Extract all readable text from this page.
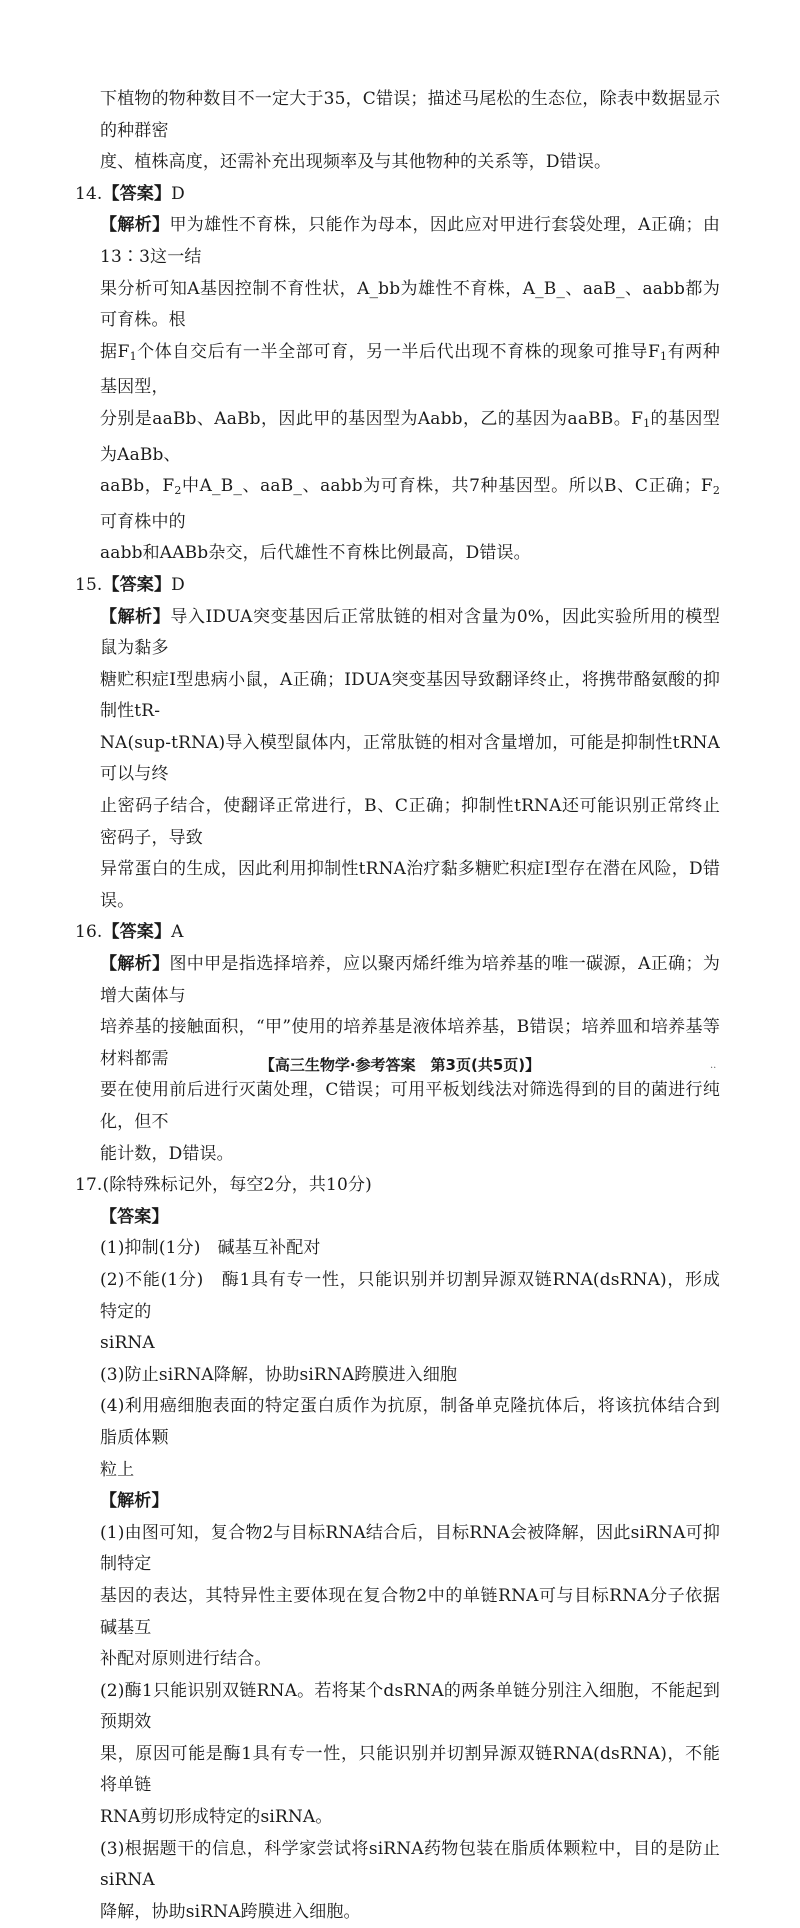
下植物的物种数目不一定大于35，C错误；描述马尾松的生态位，除表中数据显示的种群密

度、植株高度，还需补充出现频率及与其他物种的关系等，D错误。

14.【答案】D

【解析】甲为雄性不育株，只能作为母本，因此应对甲进行套袋处理，A正确；由13∶3这一结

果分析可知A基因控制不育性状，A_bb为雄性不育株，A_B_、aaB_、aabb都为可育株。根

据$F_1$个体自交后有一半全部可育，另一半后代出现不育株的现象可推导$F_1$有两种基因型，

分别是aaBb、AaBb，因此甲的基因型为Aabb，乙的基因为aaBB。$F_1$的基因型为AaBb、

aaBb，$F_2$中A_B_、aaB_、aabb为可育株，共7种基因型。所以B、C正确；$F_2$可育株中的

aabb和AABb杂交，后代雄性不育株比例最高，D错误。

15.【答案】D

【解析】导入IDUA突变基因后正常肽链的相对含量为0%，因此实验所用的模型鼠为黏多

糖贮积症Ⅰ型患病小鼠，A正确；IDUA突变基因导致翻译终止，将携带酪氨酸的抑制性tR-

NA(sup-tRNA)导入模型鼠体内，正常肽链的相对含量增加，可能是抑制性tRNA可以与终

止密码子结合，使翻译正常进行，B、C正确；抑制性tRNA还可能识别正常终止密码子，导致

异常蛋白的生成，因此利用抑制性tRNA治疗黏多糖贮积症Ⅰ型存在潜在风险，D错误。

16.【答案】A

【解析】图中甲是指选择培养，应以聚丙烯纤维为培养基的唯一碳源，A正确；为增大菌体与

培养基的接触面积，“甲”使用的培养基是液体培养基，B错误；培养皿和培养基等材料都需

要在使用前后进行灭菌处理，C错误；可用平板划线法对筛选得到的目的菌进行纯化，但不

能计数，D错误。

17.(除特殊标记外，每空2分，共10分)

【答案】

(1)抑制(1分)　碱基互补配对

(2)不能(1分)　酶1具有专一性，只能识别并切割异源双链RNA(dsRNA)，形成特定的

siRNA

(3)防止siRNA降解，协助siRNA跨膜进入细胞

(4)利用癌细胞表面的特定蛋白质作为抗原，制备单克隆抗体后，将该抗体结合到脂质体颗

粒上

【解析】

(1)由图可知，复合物2与目标RNA结合后，目标RNA会被降解，因此siRNA可抑制特定

基因的表达，其特异性主要体现在复合物2中的单链RNA可与目标RNA分子依据碱基互

补配对原则进行结合。

(2)酶1只能识别双链RNA。若将某个dsRNA的两条单链分别注入细胞，不能起到预期效

果，原因可能是酶1具有专一性，只能识别并切割异源双链RNA(dsRNA)，不能将单链

RNA剪切形成特定的siRNA。

(3)根据题干的信息，科学家尝试将siRNA药物包装在脂质体颗粒中，目的是防止siRNA

降解，协助siRNA跨膜进入细胞。

【高三生物学·参考答案　第3页(共5页)】	..
